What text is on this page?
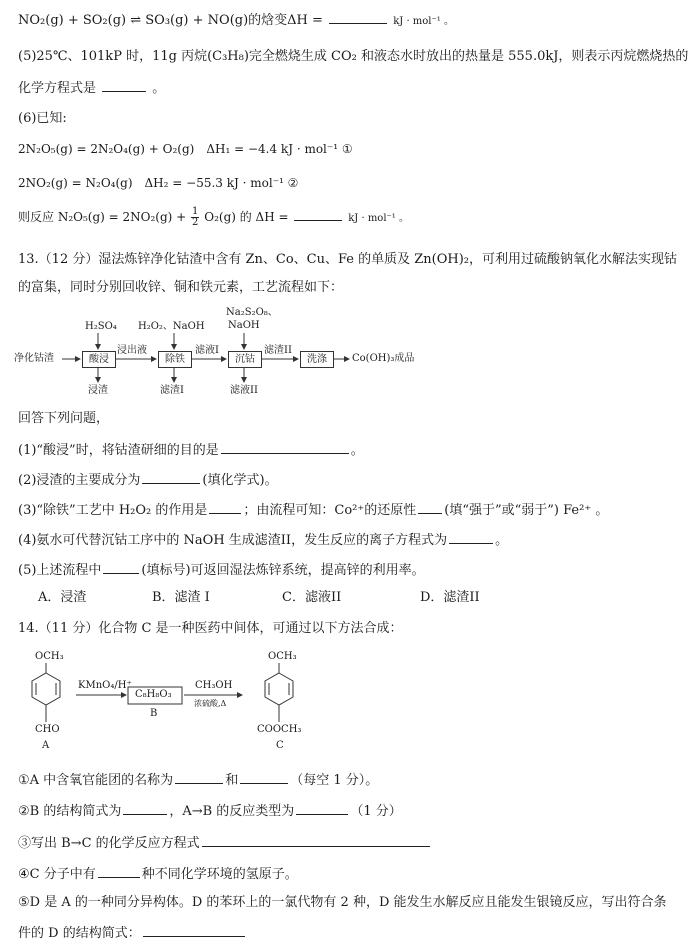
NO₂(g) + SO₂(g) ⇌ SO₃(g) + NO(g)的焓变ΔH =	kJ · mol⁻¹ 。
(5)25℃、101kP 时，11g 丙烷(C₃H₈)完全燃烧生成 CO₂ 和液态水时放出的热量是 555.0kJ，则表示丙烷燃烧热的
化学方程式是	。
(6)已知:
2N₂O₅(g) = 2N₂O₄(g) + O₂(g)　ΔH₁ = −4.4 kJ · mol⁻¹ ①
2NO₂(g) = N₂O₄(g)　ΔH₂ = −55.3 kJ · mol⁻¹ ②
则反应 $N_2O_5(g) = 2NO_2(g) + \frac{1}{2} O_2(g)$ 的 ΔH =	kJ · mol⁻¹ 。
13.（12 分）湿法炼锌净化钴渣中含有 Zn、Co、Cu、Fe 的单质及 Zn(OH)₂，可利用过硫酸钠氧化水解法实现钴
的富集，同时分别回收锌、铜和铁元素，工艺流程如下：
净化钴渣	酸浸	除铁	沉钴	洗涤
H₂SO₄ H₂O₂、NaOH
Na₂S₂O₈、
NaOH
浸出液	滤液I	滤渣II
浸渣	滤渣I	滤液II
Co(OH)₃成品
回答下列问题，
(1)“酸浸”时，将钴渣研细的目的是	。
(2)浸渣的主要成分为	(填化学式)。
(3)“除铁”工艺中 H₂O₂ 的作用是	；由流程可知：Co²⁺的还原性 (填“强于”或“弱于”) Fe²⁺ 。
(4)氨水可代替沉钴工序中的 NaOH 生成滤渣II，发生反应的离子方程式为	。
(5)上述流程中	(填标号)可返回湿法炼锌系统，提高锌的利用率。
A．浸渣	B．滤渣 I	C．滤液II	D．滤渣II
14.（11 分）化合物 C 是一种医药中间体，可通过以下方法合成：
OCH₃
CHO
A
KMnO₄/H⁺
C₈H₈O₃
B
CH₃OH
浓硫酸,Δ
OCH₃
COOCH₃
C
①A 中含氧官能团的名称为	和	（每空 1 分）。
②B 的结构简式为	，A→B 的反应类型为	（1 分）
③写出 B→C 的化学反应方程式
④C 分子中有	种不同化学环境的氢原子。
⑤D 是 A 的一种同分异构体。D 的苯环上的一氯代物有 2 种，D 能发生水解反应且能发生银镜反应，写出符合条
件的 D 的结构简式：
